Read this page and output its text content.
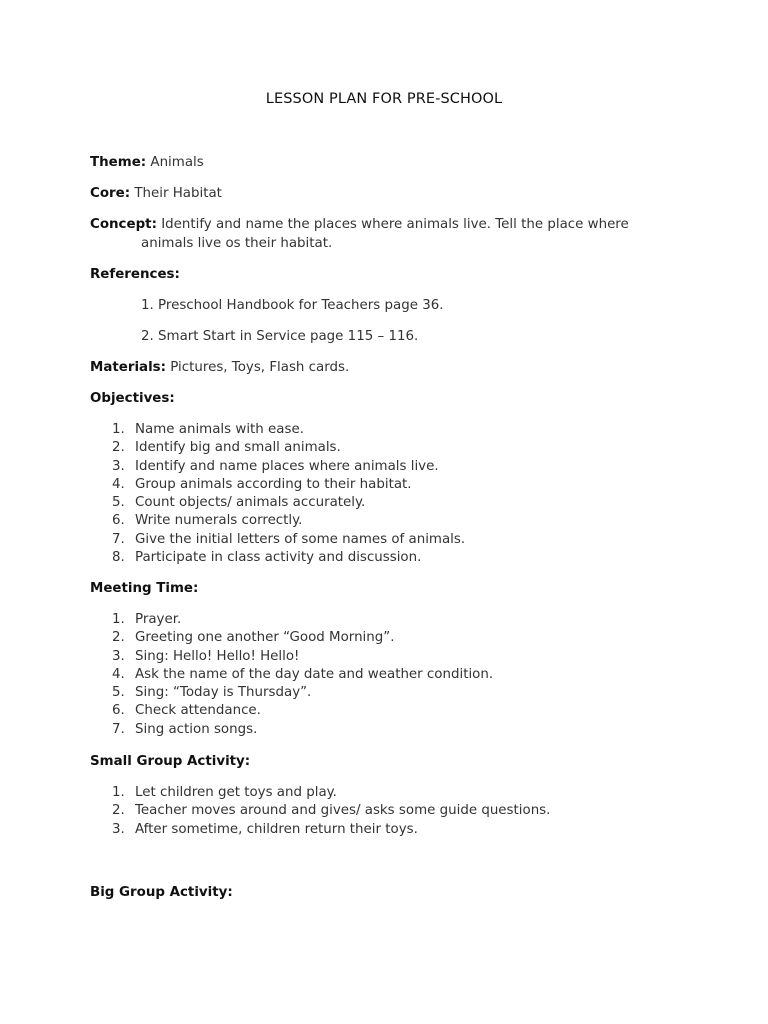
LESSON PLAN FOR PRE-SCHOOL
Theme: Animals
Core: Their Habitat
Concept: Identify and name the places where animals live. Tell the place where
animals live os their habitat.
References:
1. Preschool Handbook for Teachers page 36.
2. Smart Start in Service page 115 – 116.
Materials: Pictures, Toys, Flash cards.
Objectives:
1. Name animals with ease.
2. Identify big and small animals.
3. Identify and name places where animals live.
4. Group animals according to their habitat.
5. Count objects/ animals accurately.
6. Write numerals correctly.
7. Give the initial letters of some names of animals.
8. Participate in class activity and discussion.
Meeting Time:
1. Prayer.
2. Greeting one another “Good Morning”.
3. Sing: Hello! Hello! Hello!
4. Ask the name of the day date and weather condition.
5. Sing: “Today is Thursday”.
6. Check attendance.
7. Sing action songs.
Small Group Activity:
1. Let children get toys and play.
2. Teacher moves around and gives/ asks some guide questions.
3. After sometime, children return their toys.
Big Group Activity:
